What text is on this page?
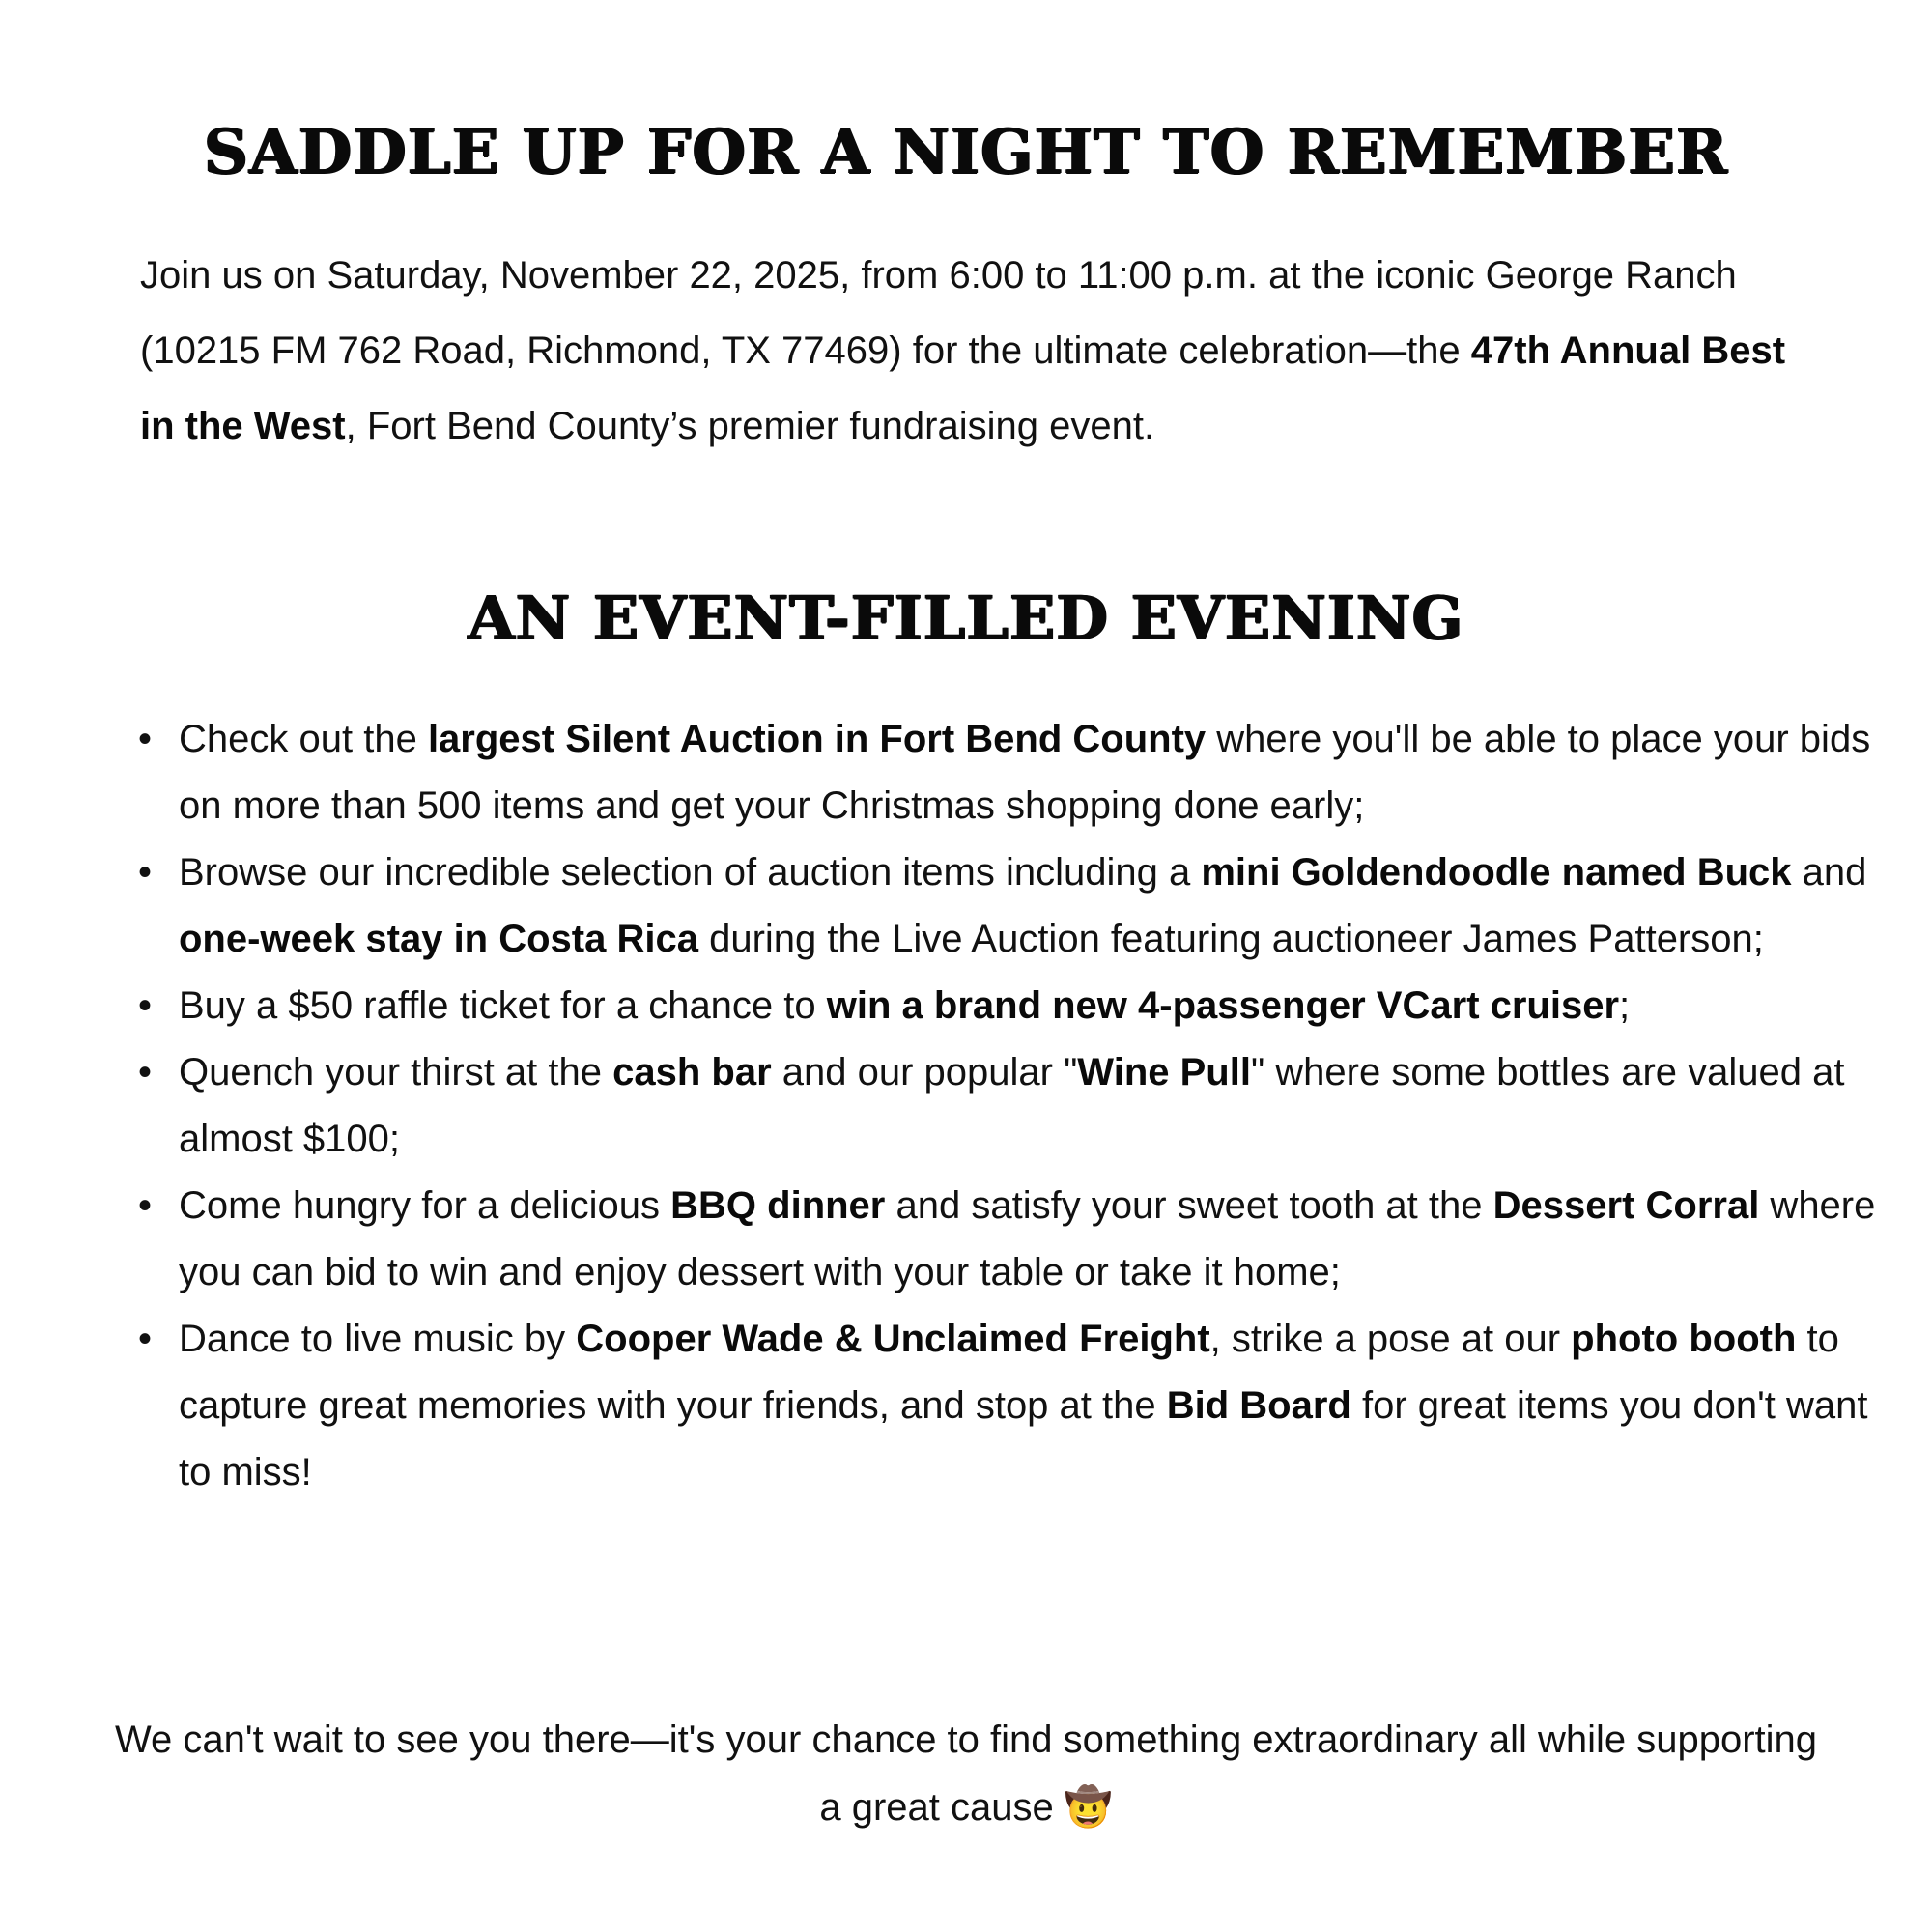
SADDLE UP FOR A NIGHT TO REMEMBER

Join us on Saturday, November 22, 2025, from 6:00 to 11:00 p.m. at the iconic George Ranch (10215 FM 762 Road, Richmond, TX 77469) for the ultimate celebration—the 47th Annual Best in the West, Fort Bend County’s premier fundraising event.

AN EVENT-FILLED EVENING
• Check out the largest Silent Auction in Fort Bend County where you'll be able to place your bids on more than 500 items and get your Christmas shopping done early;
• Browse our incredible selection of auction items including a mini Goldendoodle named Buck and one-week stay in Costa Rica during the Live Auction featuring auctioneer James Patterson;
• Buy a $50 raffle ticket for a chance to win a brand new 4-passenger VCart cruiser;
• Quench your thirst at the cash bar and our popular "Wine Pull" where some bottles are valued at almost $100;
• Come hungry for a delicious BBQ dinner and satisfy your sweet tooth at the Dessert Corral where you can bid to win and enjoy dessert with your table or take it home;
• Dance to live music by Cooper Wade & Unclaimed Freight, strike a pose at our photo booth to capture great memories with your friends, and stop at the Bid Board for great items you don't want to miss!

We can't wait to see you there—it's your chance to find something extraordinary all while supporting a great cause 🤠
